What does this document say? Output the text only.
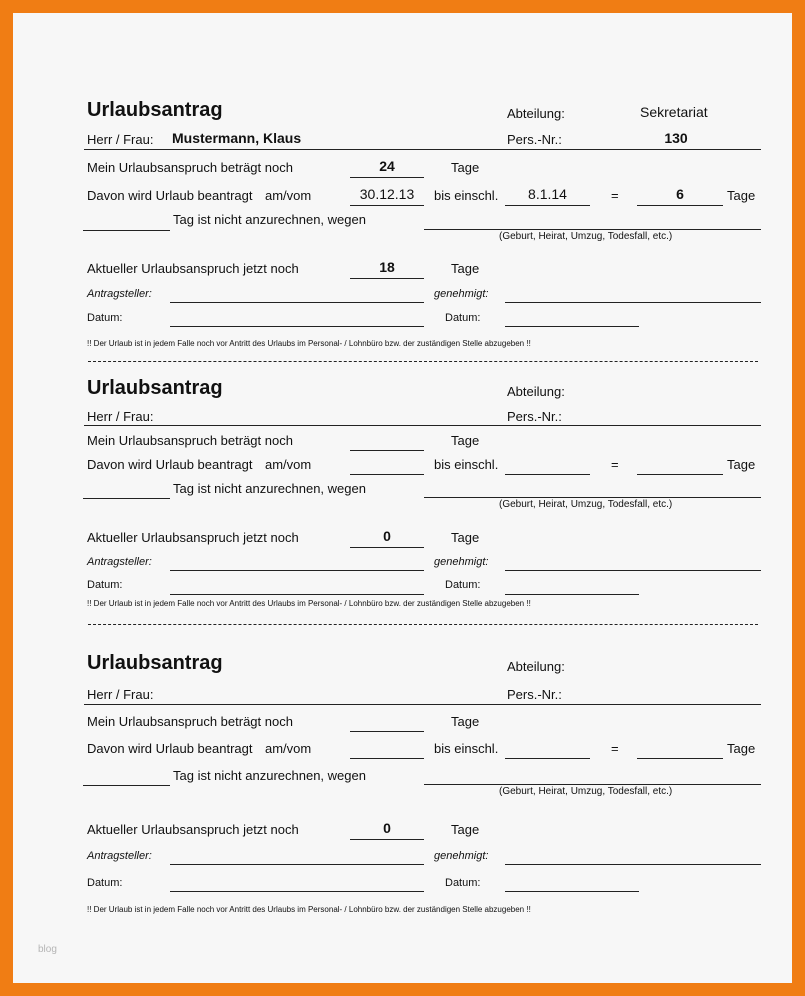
Urlaubsantrag	Abteilung:	Sekretariat
Herr / Frau: Mustermann, Klaus	Pers.-Nr.:	130
Mein Urlaubsanspruch beträgt noch	24	Tage
Davon wird Urlaub beantragt am/vom	30.12.13	bis einschl.	8.1.14	=	6	Tage
Tag ist nicht anzurechnen, wegen
(Geburt, Heirat, Umzug, Todesfall, etc.)
Aktueller Urlaubsanspruch jetzt noch	18	Tage
Antragsteller:	genehmigt:
Datum:	Datum:
!! Der Urlaub ist in jedem Falle noch vor Antritt des Urlaubs im Personal- / Lohnbüro bzw. der zuständigen Stelle abzugeben !!
Urlaubsantrag	Abteilung:
Herr / Frau:	Pers.-Nr.:
Mein Urlaubsanspruch beträgt noch	Tage
Davon wird Urlaub beantragt am/vom	bis einschl.	=	Tage
Tag ist nicht anzurechnen, wegen
(Geburt, Heirat, Umzug, Todesfall, etc.)
Aktueller Urlaubsanspruch jetzt noch	0	Tage
Antragsteller:	genehmigt:
Datum:	Datum:
!! Der Urlaub ist in jedem Falle noch vor Antritt des Urlaubs im Personal- / Lohnbüro bzw. der zuständigen Stelle abzugeben !!
Urlaubsantrag	Abteilung:
Herr / Frau:	Pers.-Nr.:
Mein Urlaubsanspruch beträgt noch	Tage
Davon wird Urlaub beantragt am/vom	bis einschl.	=	Tage
Tag ist nicht anzurechnen, wegen
(Geburt, Heirat, Umzug, Todesfall, etc.)
Aktueller Urlaubsanspruch jetzt noch	0	Tage
Antragsteller:	genehmigt:
Datum:	Datum:
!! Der Urlaub ist in jedem Falle noch vor Antritt des Urlaubs im Personal- / Lohnbüro bzw. der zuständigen Stelle abzugeben !!
blog
